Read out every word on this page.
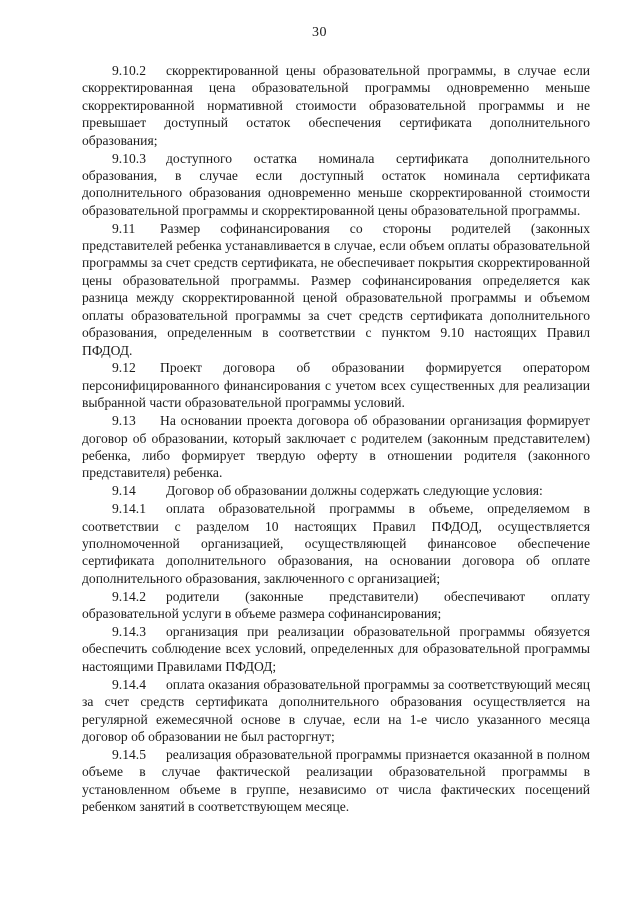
30

9.10.2 скорректированной цены образовательной программы, в случае если скорректированная цена образовательной программы одновременно меньше скорректированной нормативной стоимости образовательной программы и не превышает доступный остаток обеспечения сертификата дополнительного образования;

9.10.3 доступного остатка номинала сертификата дополнительного образования, в случае если доступный остаток номинала сертификата дополнительного образования одновременно меньше скорректированной стоимости образовательной программы и скорректированной цены образовательной программы.

9.11 Размер софинансирования со стороны родителей (законных представителей ребенка устанавливается в случае, если объем оплаты образовательной программы за счет средств сертификата, не обеспечивает покрытия скорректированной цены образовательной программы. Размер софинансирования определяется как разница между скорректированной ценой образовательной программы и объемом оплаты образовательной программы за счет средств сертификата дополнительного образования, определенным в соответствии с пунктом 9.10 настоящих Правил ПФДОД.

9.12 Проект договора об образовании формируется оператором персонифицированного финансирования с учетом всех существенных для реализации выбранной части образовательной программы условий.

9.13 На основании проекта договора об образовании организация формирует договор об образовании, который заключает с родителем (законным представителем) ребенка, либо формирует твердую оферту в отношении родителя (законного представителя) ребенка.

9.14 Договор об образовании должны содержать следующие условия:

9.14.1 оплата образовательной программы в объеме, определяемом в соответствии с разделом 10 настоящих Правил ПФДОД, осуществляется уполномоченной организацией, осуществляющей финансовое обеспечение сертификата дополнительного образования, на основании договора об оплате дополнительного образования, заключенного с организацией;

9.14.2 родители (законные представители) обеспечивают оплату образовательной услуги в объеме размера софинансирования;

9.14.3 организация при реализации образовательной программы обязуется обеспечить соблюдение всех условий, определенных для образовательной программы настоящими Правилами ПФДОД;

9.14.4 оплата оказания образовательной программы за соответствующий месяц за счет средств сертификата дополнительного образования осуществляется на регулярной ежемесячной основе в случае, если на 1-е число указанного месяца договор об образовании не был расторгнут;

9.14.5 реализация образовательной программы признается оказанной в полном объеме в случае фактической реализации образовательной программы в установленном объеме в группе, независимо от числа фактических посещений ребенком занятий в соответствующем месяце.
